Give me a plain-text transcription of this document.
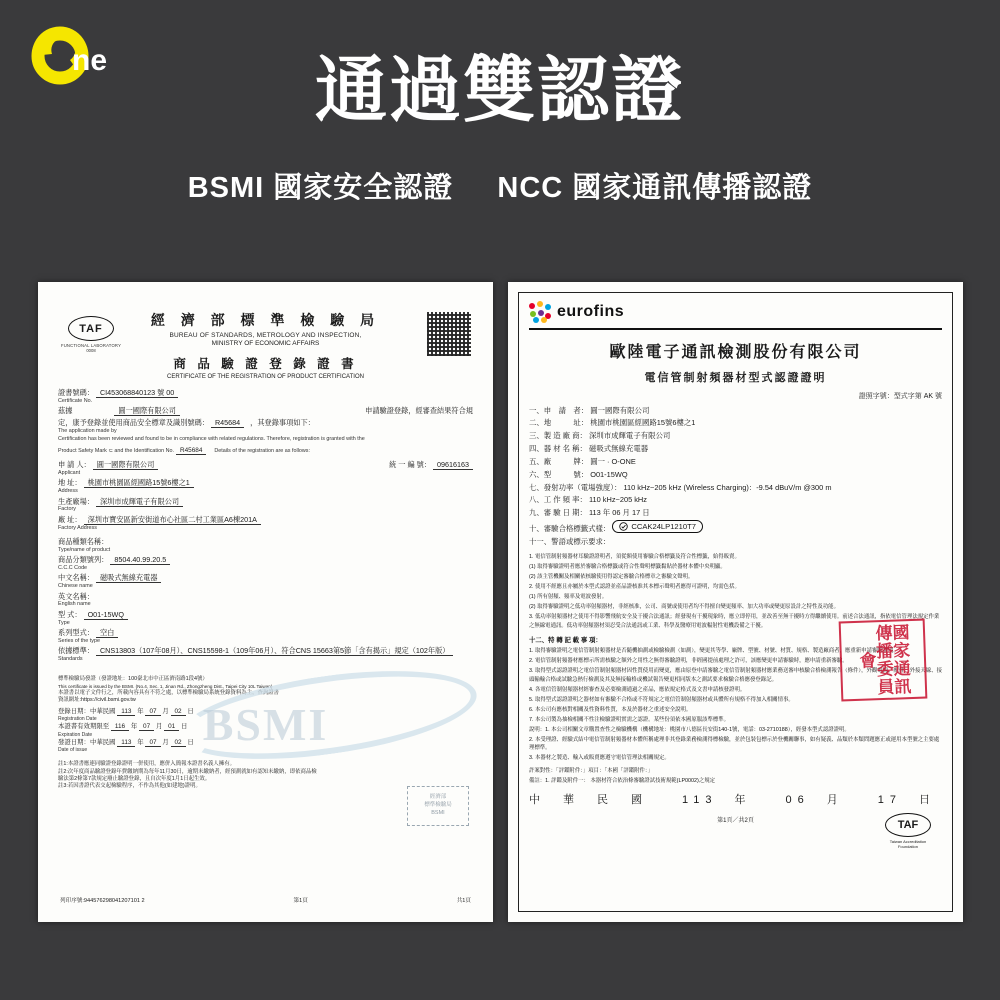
ne	通過雙認證
BSMI 國家安全認證 NCC 國家通訊傳播認證
TAF
FUNCTIONAL LABORATORY
0008
經 濟 部 標 準 檢 驗 局
BUREAU OF STANDARDS, METROLOGY AND INSPECTION,
MINISTRY OF ECONOMIC AFFAIRS
商 品 驗 證 登 錄 證 書
CERTIFICATE OF THE REGISTRATION OF PRODUCT CERTIFICATION
證書號碼： CI453068840123 號 00
Certificate No.
茲據	圓一國際有限公司	申請驗證登錄，經審查結果符合規
定，康予登錄並使用商品安全標章及識別號碼： R45684 ，其登錄事項如下：
The application made by
Certification has been reviewed and found to be in compliance with related regulations. Therefore, registration is granted with the
Product Safety Mark ⊂ and the Identification No. R45684 Details of the registration are as follows:
申 請 人： 圓一國際有限公司	統 一 編 號： 09616163
Applicant
地 址： 桃園市桃園區經國路15號6樓之1
Address
生產廠場： 深圳市成輝電子有限公司
Factory
廠 址： 深圳市寶安區新安街道布心社區二村工業區A6棟201A
Factory Address
商品種類名稱：
Type/name of product
商品分類號列： 8504.40.99.20.5
C.C.C Code
中文名稱： 磁吸式無線充電器
Chinese name
英文名稱：
English name
型 式： O01-15WQ
Type
系列型式： 空白
Series of the type
依據標準： CNS13803（107年08月）、CNS15598-1（109年06月）、符合CNS 15663第5節「含有揭示」規定（102年版）
Standards
BSMI
標準檢驗局發證（發證地址：100臺北市中正區濟南路1段4號）
This certificate is issued by the BSMI. (No.4, Sec. 1, Jinan Rd., Zhongzheng Dist., Taipei City 10L Taiwan)
本證書以電子文件行之，所載內容具有不符之處，以標準檢驗局系統登錄資料為主，查詢證書
資訊網址:https://civil.bsmi.gov.tw
登錄日期：中華民國 113 年 07 月 02 日
Registration Date
本證書有效期限至 116 年 07 月 01 日
Expiration Date
發證日期：中華民國 113 年 07 月 02 日
Date of issue
經濟部
標準檢驗局
BSMI
註1:本證書應連同驗證登錄證明一併使用，應併入簡報本證書名義人擁有。
註2:次年度商品驗證登錄年費繳納期為每年11月30日，逾期未繳納者，經預測就如有認知未繳納，即依商品檢
驗法第2條第7款規定廢止驗證登錄，且自次年度1月1日起生效。
註3:若因書證代表交起檢驗程序，不作為其他(如建地)證明。
列印序號:944576298041207101 2	第1頁	共1頁
eurofins
歐陸電子通訊檢測股份有限公司
電信管制射頻器材型式認證證明
證照字號：型式字第 AK 號
一、申　請　者： 圓一國際有限公司
二、地　　　址： 桃園市桃園區經國路15號6樓之1
三、製 造 廠 商： 深圳市成輝電子有限公司
四、器 材 名 稱： 磁吸式無線充電器
五、廠　　　牌： 圓一 · O-ONE
六、型　　　號： O01-15WQ
七、發射功率（電場強度）： 110 kHz~205 kHz (Wireless Charging)：-9.54 dBuV/m @300 m
八、工 作 頻 率： 110 kHz~205 kHz
九、審 驗 日 期： 113 年 06 月 17 日
十、審驗合格標籤式樣：	CCAK24LP1210T7
十一、警語或標示要求：
國家通訊傳播委員會

1. 電信管制射頻器材耳驗證證明者，須從額使用審驗合格標籤及符合性標籤，始得販賣。

(1) 取得審驗證明者應於審驗合格標籤或符合性聲明標籤黏貼於器材本體中央明顯。

(2) 該主管機關及相關依核驗使用得認定審驗合格標章之審驗文聲明。

2. 使用不經應且亦屬於本型式認證並產品證核准其本標示聲明者應得可證明，均需色括。

(1) 所有射頻、頻率及電波發射。

(2) 取得審驗證明之低功率射頻器材，非經核准，公司、商號或使用者均不得擅自變更頻率、加大功率或變更原設計之特性及功能。

3. 低功率射頻器材之使用不得影響飛航安全及干擾合法通訊；經發現有干擾現象時，應立即停用，並改善至無干擾時方得繼續使用。前述合法通訊，指依電信管理法規定作業之無線電通訊。低功率射頻器材須忍受合法通訊或工業、科學及醫療用電波輻射性電機設備之干擾。

十二、特 轉 記 載 事 項：

1. 取得審驗證明之電信管制射頻器材是否隨機抽測或檢驗檢測（如測），變更其等學、廠牌、型號、材號、材質、規格、製造廠商者，應重新申請審驗證明。

2. 電信管制射頻器材應標示所需核驗之額外之用性之無得審驗證明，非經國提前處理之許可，該應變更申請審驗時，應申請重新審驗。

3. 取得型式認證證明之電信管制射頻器材因性質使用而變更，應由原登申請審驗之電信管制射頻器材應業務送審申核驗合格檢測報告（條件），外觀電源、配件、外接天線、接頭輸輸合格或試驗急熱行檢測及其及無接輸格或機試報告變更相同版本之測試要求檢驗合格應發登錄記。

4. 各電信管制射頻器材經審查及必要檢測通過之產品，應依規定格式及文書申請核發證明。

5. 取得型式認證證明之器材如有審驗不合格或不符規定之電信管制射頻器材或具體所有規格不得加入相關情事。

6. 本公司有應核對相關及性資料性質，本及於器材之重述安全說明。

7. 本公司製為抽檢相關不性注檢驗證明實需之認證。某些份須依本國原服該準標準。

說明：1. 本公司相關文章購置查性之檢驗機構（機構地址：桃園市八德區長安街140-1號，電話：03-2710188），經發本型式認證證明。

2. 本受理證、經驗式結中電信管制射頻器材本體所稱處理非其登錄業務檢測得標檢驗，並於包裝包標示於登機關聯事，如有疑義、品類於本類問題應正或運用本型號之主要處理標準。

3. 本器材之製造、輸入或販賣應遵守電信管理法相關規定。

許案對性：「評鑑附件：」項目：「本國「評鑑附件：」

備註：1. 評鑑及附件一： 本器材符合依治條審驗證試技術規範(LP0002)之規定

TAF
Taiwan Accreditation Foundation
中　華　民　國　　113　年　　06　月　　17　日
第1頁／共2頁
